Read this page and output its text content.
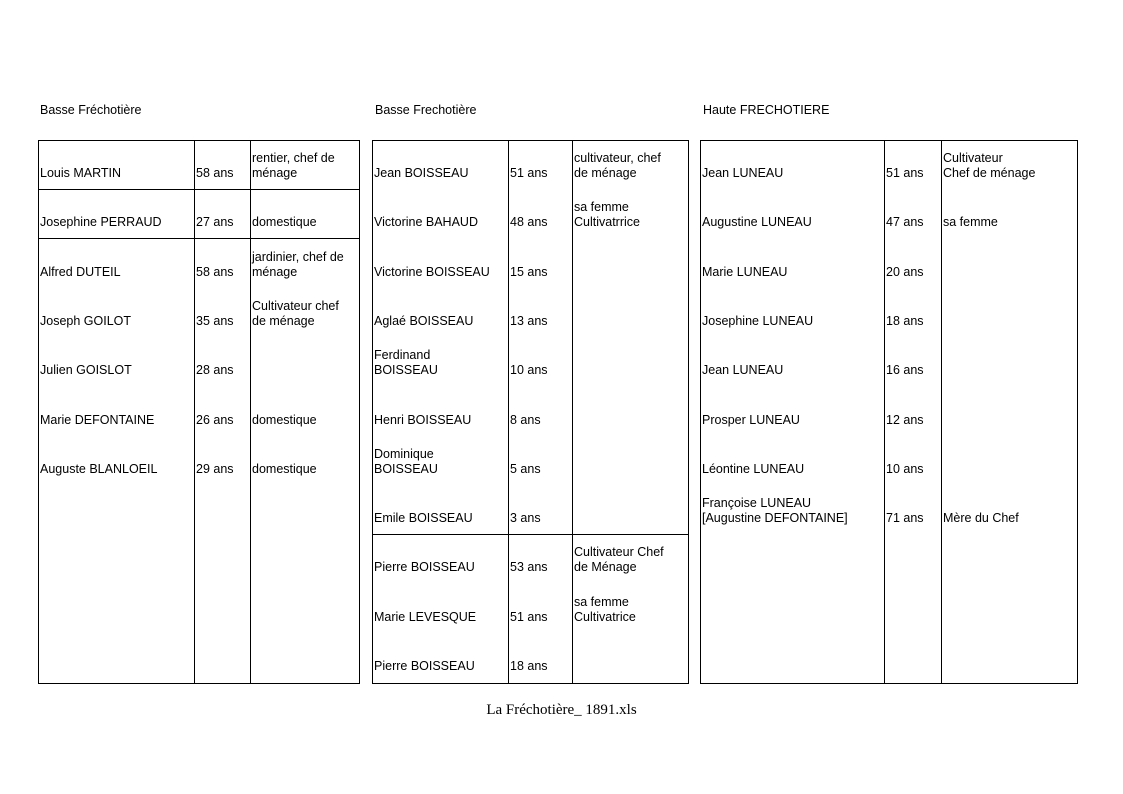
Basse Fréchotière	Basse Frechotière	Haute FRECHOTIERE
Louis MARTIN	58 ans
rentier, chef de
ménage
Josephine PERRAUD	27 ans domestique
Alfred DUTEIL	58 ans
jardinier, chef de
ménage
Joseph GOILOT	35 ans
Cultivateur chef
de ménage
Julien GOISLOT	28 ans
Marie DEFONTAINE	26 ans domestique
Auguste BLANLOEIL	29 ans domestique
Jean BOISSEAU	51 ans
cultivateur, chef
de ménage
Victorine BAHAUD	48 ans
sa femme
Cultivatrrice
Victorine BOISSEAU 15 ans
Aglaé BOISSEAU	13 ans
Ferdinand
BOISSEAU	10 ans
Henri BOISSEAU	8 ans
Dominique
BOISSEAU	5 ans
Emile BOISSEAU	3 ans
Pierre BOISSEAU	53 ans
Cultivateur Chef
de Ménage
Marie LEVESQUE	51 ans
sa femme
Cultivatrice
Pierre BOISSEAU	18 ans
Jean LUNEAU	51 ans
Cultivateur
Chef de ménage
Augustine LUNEAU	47 ans sa femme
Marie LUNEAU	20 ans
Josephine LUNEAU	18 ans
Jean LUNEAU	16 ans
Prosper LUNEAU	12 ans
Léontine LUNEAU	10 ans
Françoise LUNEAU
[Augustine DEFONTAINE]	71 ans Mère du Chef
La Fréchotière_ 1891.xls
